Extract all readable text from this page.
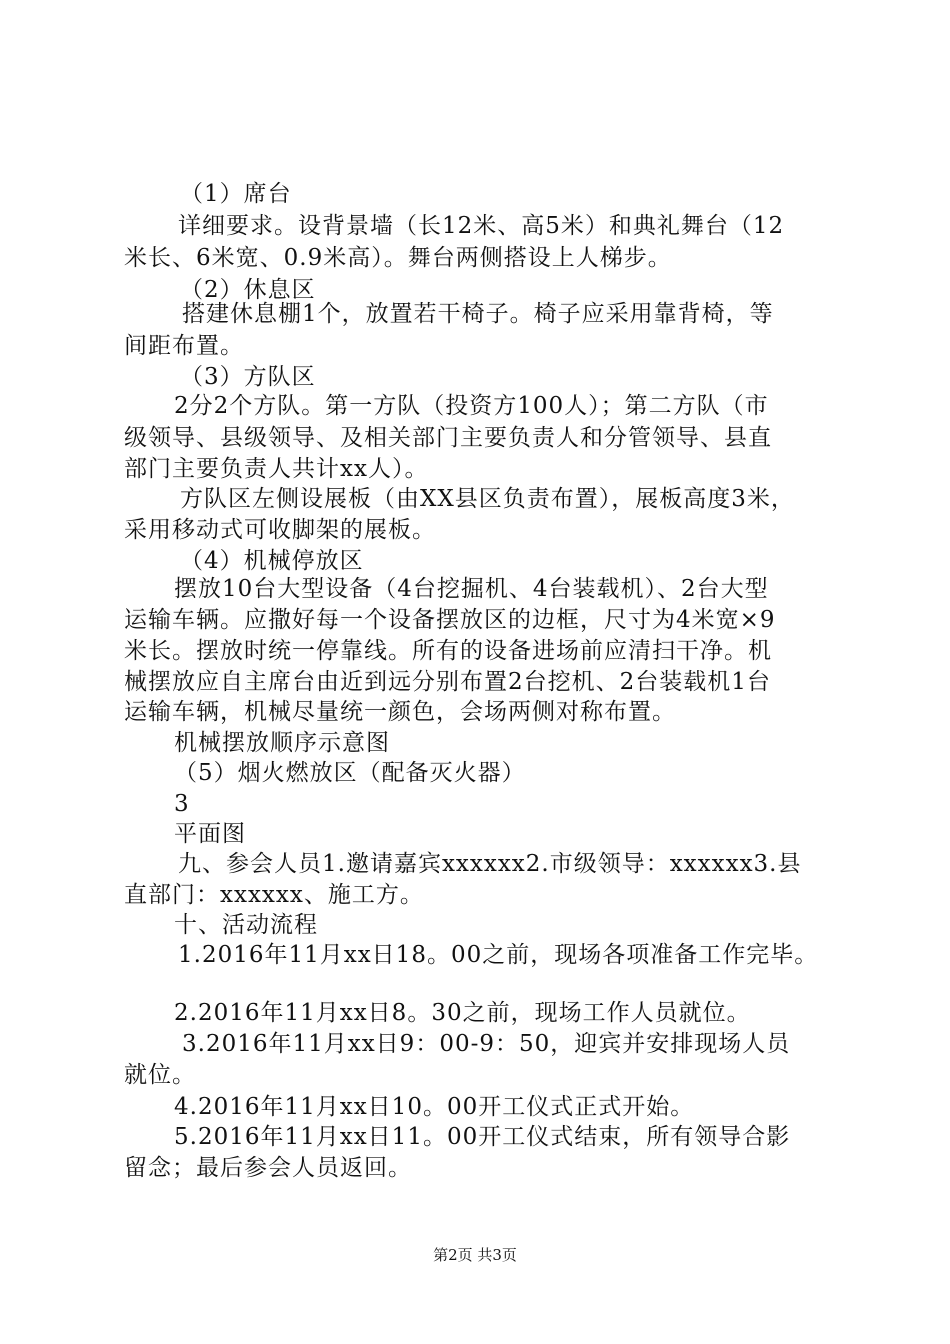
（1）席台
详细要求。设背景墙（长12米、高5米）和典礼舞台（12
米长、6米宽、0.9米高）。舞台两侧搭设上人梯步。
（2）休息区
搭建休息棚1个，放置若干椅子。椅子应采用靠背椅，等
间距布置。
（3）方队区
2分2个方队。第一方队（投资方100人）；第二方队（市
级领导、县级领导、及相关部门主要负责人和分管领导、县直
部门主要负责人共计xx人）。
方队区左侧设展板（由XX县区负责布置），展板高度3米，
采用移动式可收脚架的展板。
（4）机械停放区
摆放10台大型设备（4台挖掘机、4台装载机）、2台大型
运输车辆。应撒好每一个设备摆放区的边框，尺寸为4米宽×9
米长。摆放时统一停靠线。所有的设备进场前应清扫干净。机
械摆放应自主席台由近到远分别布置2台挖机、2台装载机1台
运输车辆，机械尽量统一颜色，会场两侧对称布置。
机械摆放顺序示意图
（5）烟火燃放区（配备灭火器）
3
平面图
九、参会人员1.邀请嘉宾xxxxxx2.市级领导：xxxxxx3.县
直部门：xxxxxx、施工方。
十、活动流程
1.2016年11月xx日18。00之前，现场各项准备工作完毕。
2.2016年11月xx日8。30之前，现场工作人员就位。
3.2016年11月xx日9：00-9：50，迎宾并安排现场人员
就位。
4.2016年11月xx日10。00开工仪式正式开始。
5.2016年11月xx日11。00开工仪式结束，所有领导合影
留念；最后参会人员返回。
第2页 共3页
